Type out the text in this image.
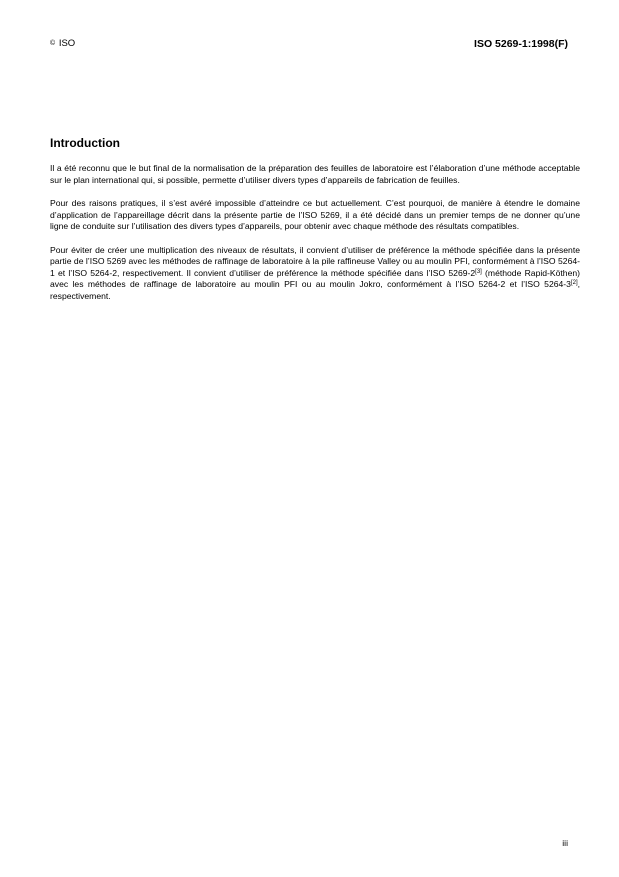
© ISO	ISO 5269-1:1998(F)
Introduction

Il a été reconnu que le but final de la normalisation de la préparation des feuilles de laboratoire est l’élaboration d’une méthode acceptable sur le plan international qui, si possible, permette d’utiliser divers types d’appareils de fabrication de feuilles.

Pour des raisons pratiques, il s’est avéré impossible d’atteindre ce but actuellement. C’est pourquoi, de manière à étendre le domaine d’application de l’appareillage décrit dans la présente partie de l’ISO 5269, il a été décidé dans un premier temps de ne donner qu’une ligne de conduite sur l’utilisation des divers types d’appareils, pour obtenir avec chaque méthode des résultats compatibles.

Pour éviter de créer une multiplication des niveaux de résultats, il convient d’utiliser de préférence la méthode spécifiée dans la présente partie de l’ISO 5269 avec les méthodes de raffinage de laboratoire à la pile raffineuse Valley ou au moulin PFI, conformément à l’ISO 5264-1 et l’ISO 5264-2, respectivement. Il convient d’utiliser de préférence la méthode spécifiée dans l’ISO 5269-2[3] (méthode Rapid-Köthen) avec les méthodes de raffinage de laboratoire au moulin PFI ou au moulin Jokro, conformément à l’ISO 5264-2 et l’ISO 5264-3[2], respectivement.

iii
